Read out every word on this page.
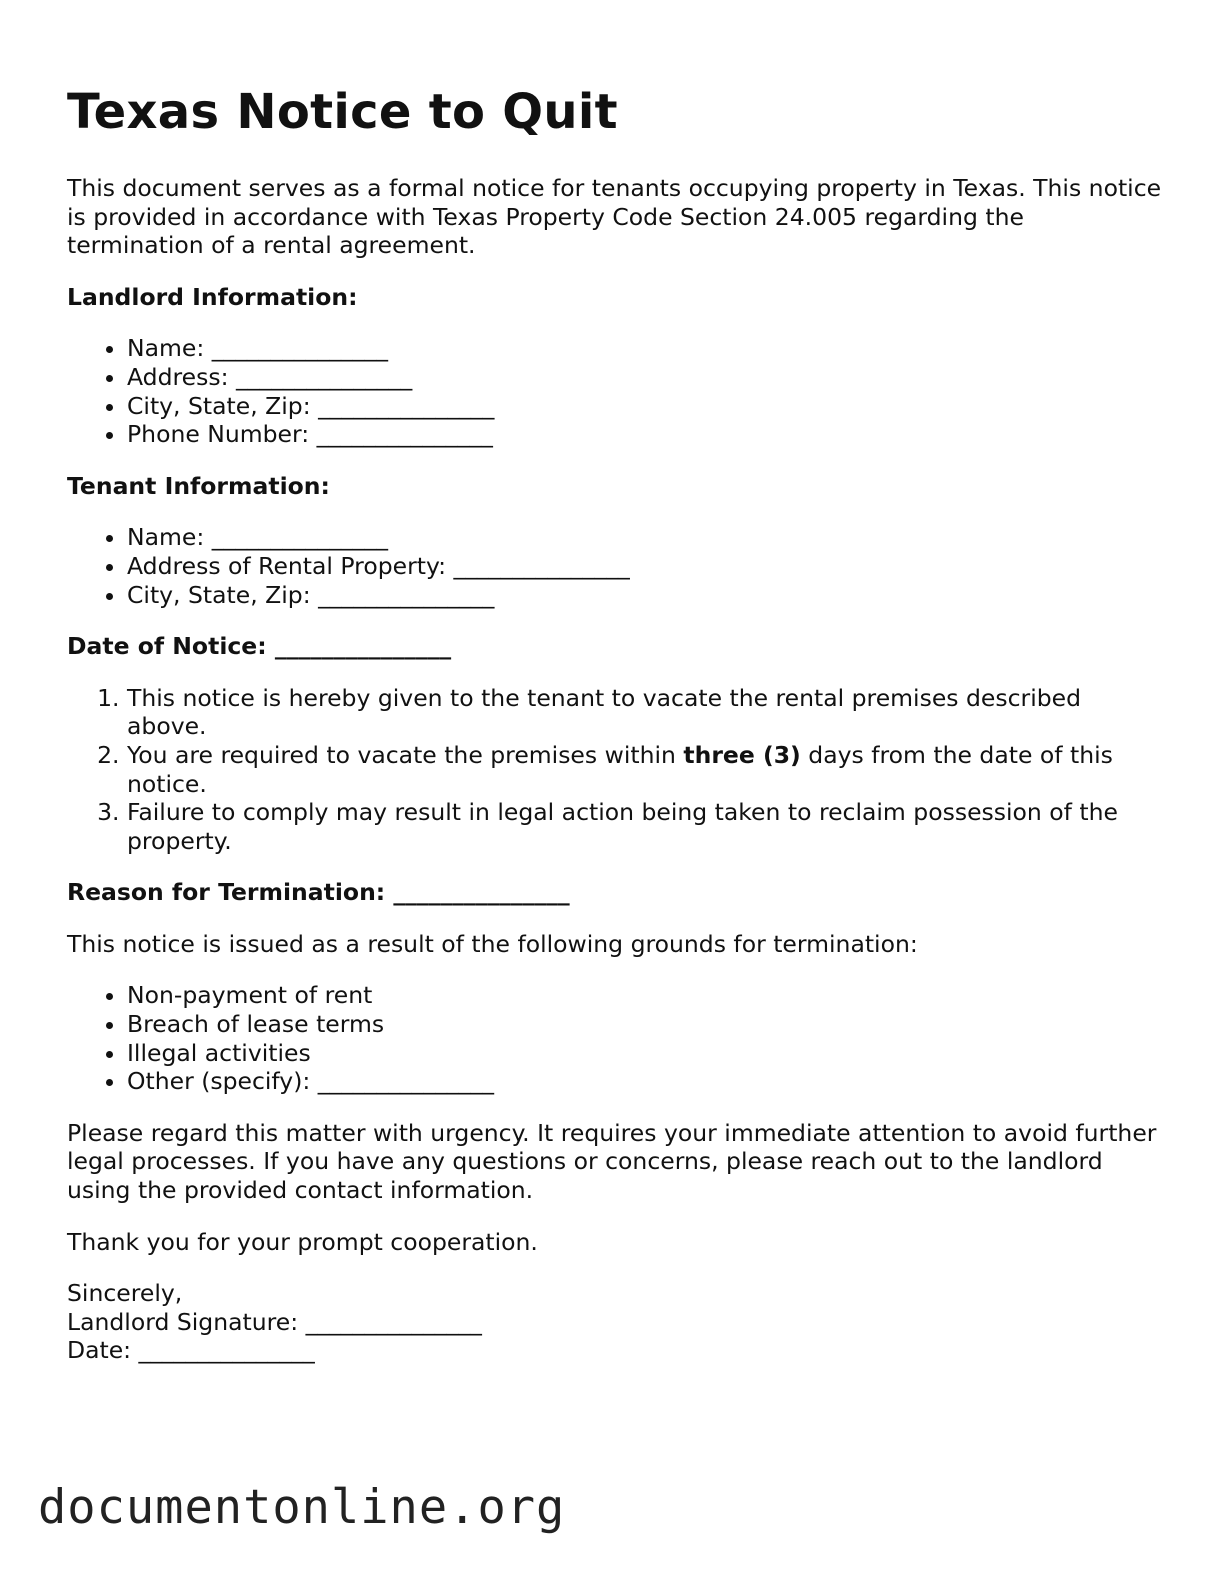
Texas Notice to Quit

This document serves as a formal notice for tenants occupying property in Texas. This notice is provided in accordance with Texas Property Code Section 24.005 regarding the termination of a rental agreement.

Landlord Information:

• Name: _______________
• Address: _______________
• City, State, Zip: _______________
• Phone Number: _______________

Tenant Information:

• Name: _______________
• Address of Rental Property: _______________
• City, State, Zip: _______________

Date of Notice: _______________

1. This notice is hereby given to the tenant to vacate the rental premises described above.
2. You are required to vacate the premises within three (3) days from the date of this notice.
3. Failure to comply may result in legal action being taken to reclaim possession of the property.

Reason for Termination: _______________

This notice is issued as a result of the following grounds for termination:

• Non-payment of rent
• Breach of lease terms
• Illegal activities
• Other (specify): _______________

Please regard this matter with urgency. It requires your immediate attention to avoid further legal processes. If you have any questions or concerns, please reach out to the landlord using the provided contact information.

Thank you for your prompt cooperation.

Sincerely,

Landlord Signature: _______________

Date: _______________

documentonline.org
